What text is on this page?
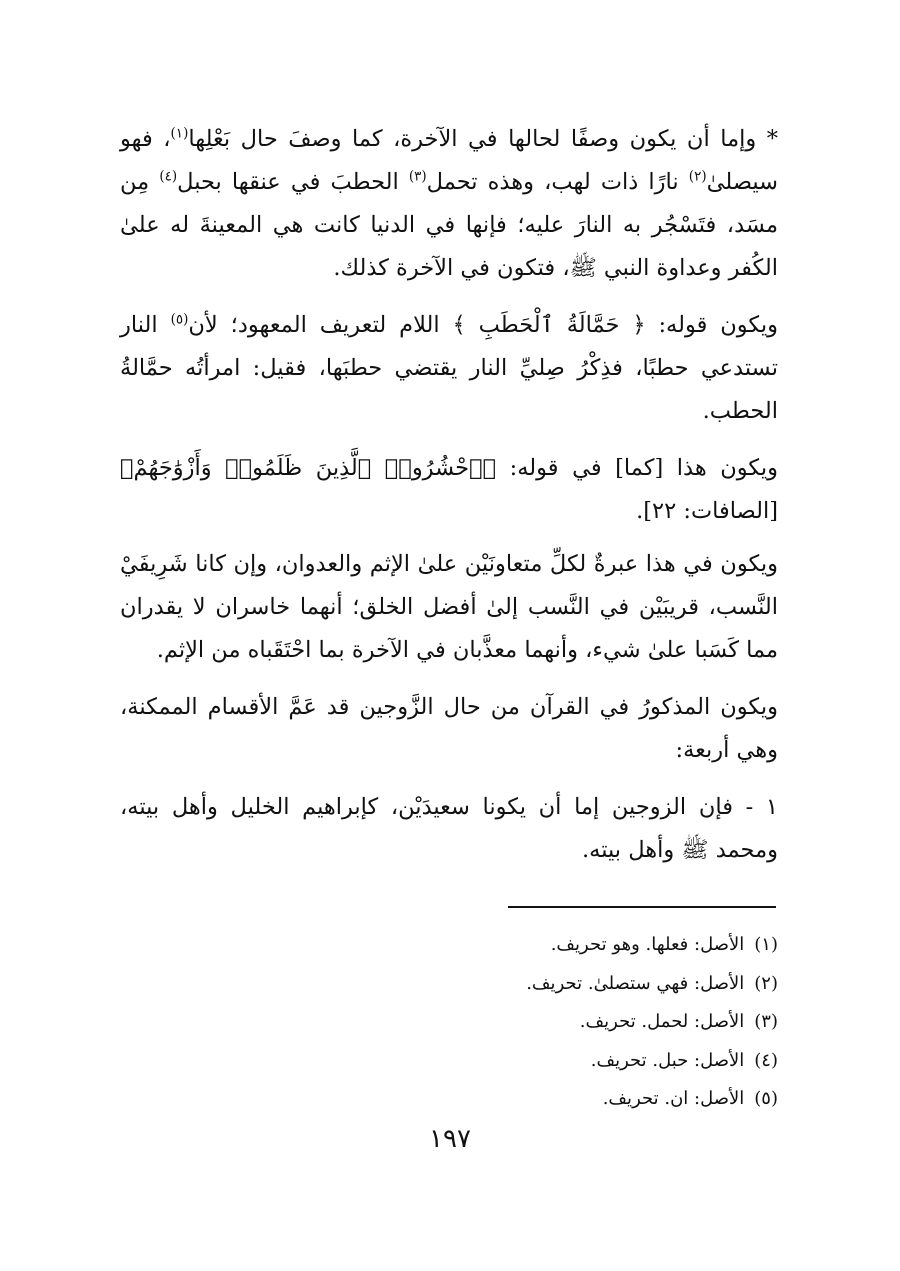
* وإما أن يكون وصفًا لحالها في الآخرة، كما وصفَ حال بَعْلِها$^{(١)}$، فهو سيصلىٰ$^{(٢)}$ نارًا ذات لهب، وهذه تحمل$^{(٣)}$ الحطبَ في عنقها بحبل$^{(٤)}$ مِن مسَد، فتَسْجُر به النارَ عليه؛ فإنها في الدنيا كانت هي المعينةَ له علىٰ الكُفر وعداوة النبي ﷺ، فتكون في الآخرة كذلك.

ويكون قوله: ﴿ حَمَّالَةُ ٱلْحَطَبِ ﴾ اللام لتعريف المعهود؛ لأن$^{(٥)}$ النار تستدعي حطبًا، فذِكْرُ صِليِّ النار يقتضي حطبَها، فقيل: امرأتُه حمَّالةُ الحطب.

ويكون هذا [كما] في قوله: ﴿ٱحْشُرُوا۟ ٱلَّذِينَ ظَلَمُوا۟ وَأَزْوَٰجَهُمْ﴾ [الصافات: ٢٢].

ويكون في هذا عبرةٌ لكلِّ متعاونَيْن علىٰ الإثم والعدوان، وإن كانا شَرِيفَيْ النَّسب، قريبَيْن في النَّسب إلىٰ أفضل الخلق؛ أنهما خاسران لا يقدران مما كَسَبا علىٰ شيء، وأنهما معذَّبان في الآخرة بما احْتَقَباه من الإثم.

ويكون المذكورُ في القرآن من حال الزَّوجين قد عَمَّ الأقسام الممكنة، وهي أربعة:

١ - فإن الزوجين إما أن يكونا سعيدَيْن، كإبراهيم الخليل وأهل بيته، ومحمد ﷺ وأهل بيته.

(١)الأصل: فعلها. وهو تحريف.
(٢)الأصل: فهي ستصلىٰ. تحريف.
(٣)الأصل: لحمل. تحريف.
(٤)الأصل: حبل. تحريف.
(٥)الأصل: ان. تحريف.
١٩٧
